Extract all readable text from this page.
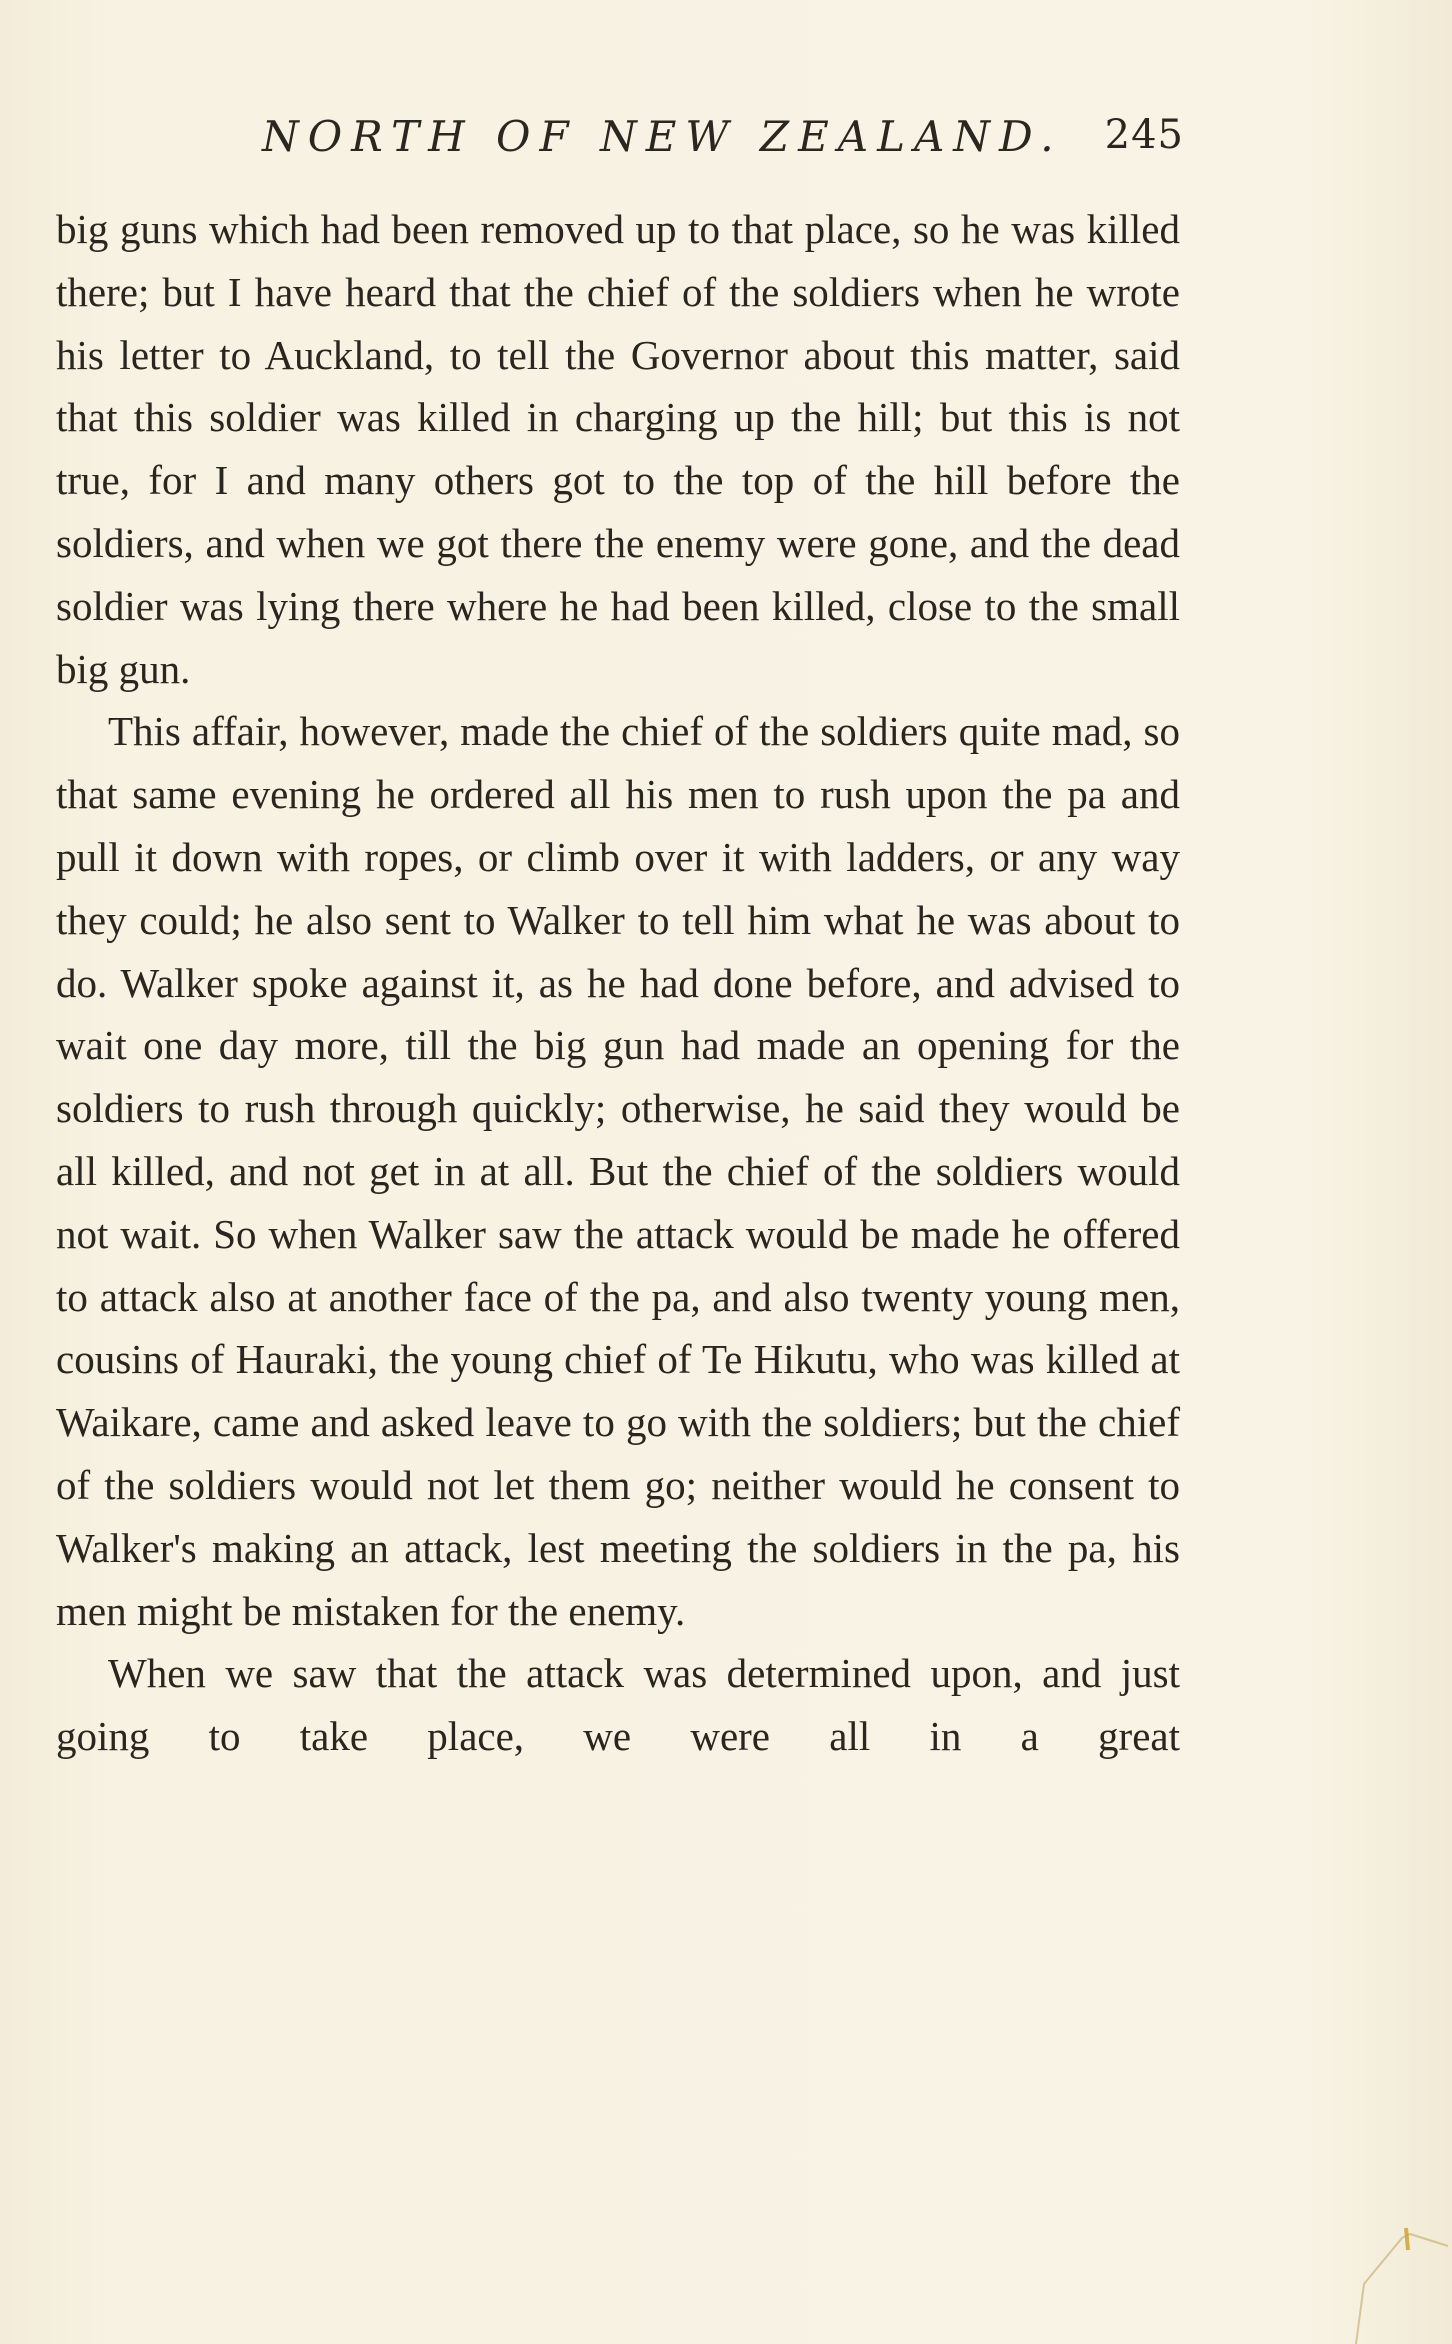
NORTH OF NEW ZEALAND. 245

big guns which had been removed up to that place, so he was killed there; but I have heard that the chief of the soldiers when he wrote his letter to Auckland, to tell the Governor about this matter, said that this soldier was killed in charging up the hill; but this is not true, for I and many others got to the top of the hill before the soldiers, and when we got there the enemy were gone, and the dead soldier was lying there where he had been killed, close to the small big gun.

This affair, however, made the chief of the soldiers quite mad, so that same evening he ordered all his men to rush upon the pa and pull it down with ropes, or climb over it with ladders, or any way they could; he also sent to Walker to tell him what he was about to do. Walker spoke against it, as he had done before, and advised to wait one day more, till the big gun had made an opening for the soldiers to rush through quickly; otherwise, he said they would be all killed, and not get in at all. But the chief of the soldiers would not wait. So when Walker saw the attack would be made he offered to attack also at another face of the pa, and also twenty young men, cousins of Hauraki, the young chief of Te Hikutu, who was killed at Waikare, came and asked leave to go with the soldiers; but the chief of the soldiers would not let them go; neither would he consent to Walker's making an attack, lest meeting the soldiers in the pa, his men might be mistaken for the enemy.

When we saw that the attack was determined upon, and just going to take place, we were all in a great
